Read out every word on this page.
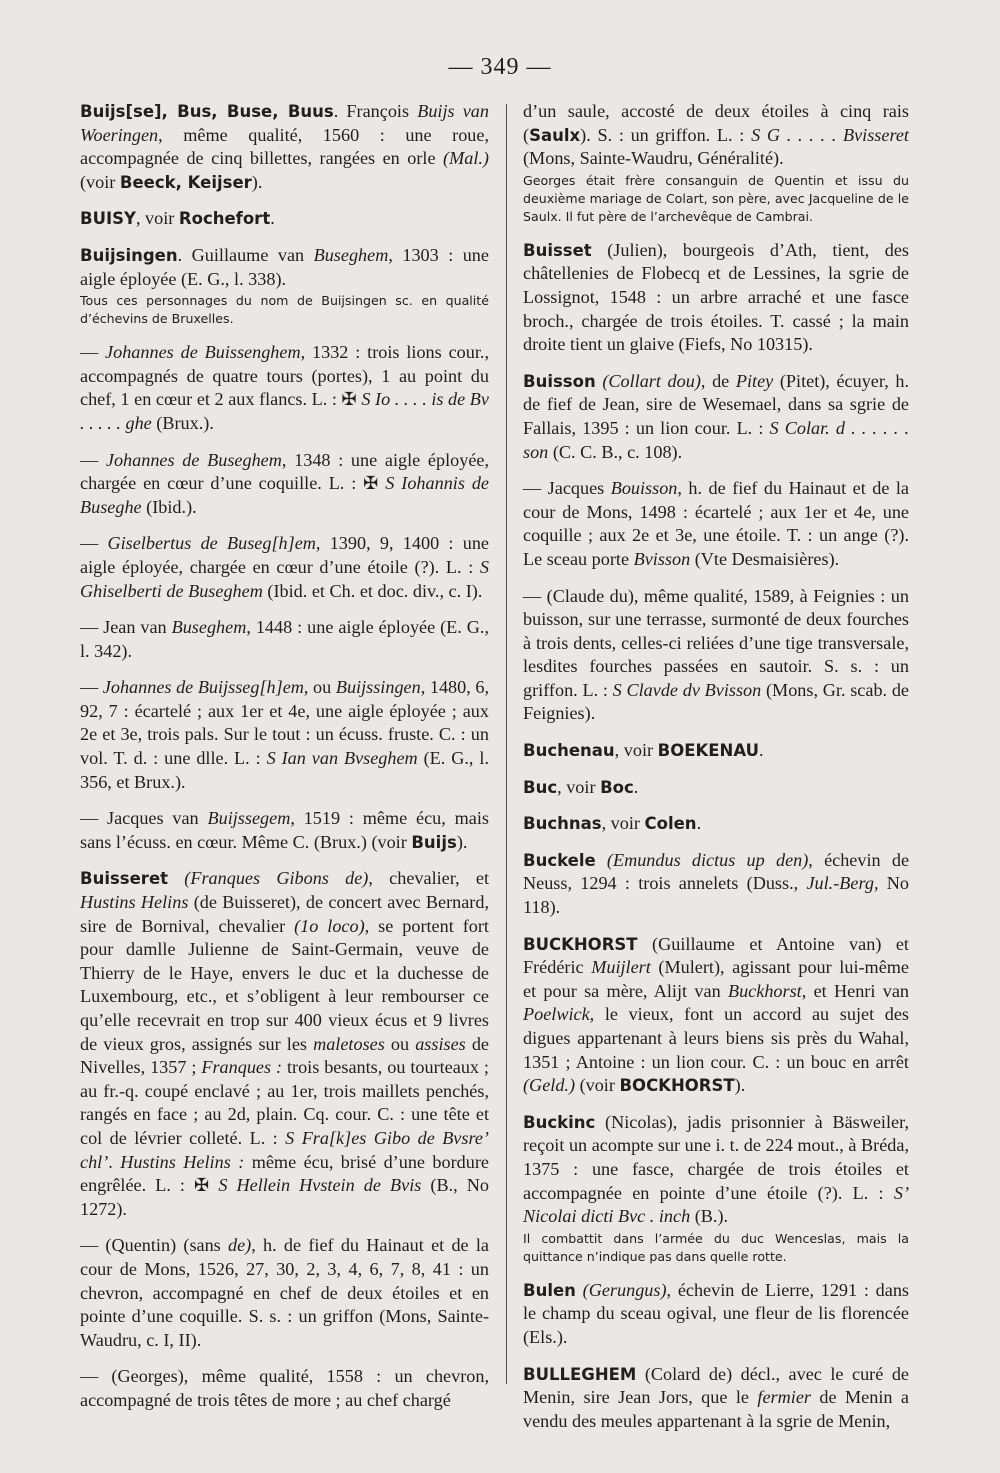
— 349 —
Buijs[se], Bus, Buse, Buus. François Buijs van Woeringen, même qualité, 1560 : une roue, accompagnée de cinq billettes, rangées en orle (Mal.) (voir Beeck, Keijser).
BUISY, voir Rochefort.
Buijsingen. Guillaume van Buseghem, 1303 : une aigle éployée (E. G., l. 338).
Tous ces personnages du nom de Buijsingen sc. en qualité d’échevins de Bruxelles.
— Johannes de Buissenghem, 1332 : trois lions cour., accompagnés de quatre tours (portes), 1 au point du chef, 1 en cœur et 2 aux flancs. L. : ✠ S Io . . . . is de Bv . . . . . ghe (Brux.).
— Johannes de Buseghem, 1348 : une aigle éployée, chargée en cœur d’une coquille. L. : ✠ S Iohannis de Buseghe (Ibid.).
— Giselbertus de Buseg[h]em, 1390, 9, 1400 : une aigle éployée, chargée en cœur d’une étoile (?). L. : S Ghiselberti de Buseghem (Ibid. et Ch. et doc. div., c. I).
— Jean van Buseghem, 1448 : une aigle éployée (E. G., l. 342).
— Johannes de Buijsseg[h]em, ou Buijssingen, 1480, 6, 92, 7 : écartelé ; aux 1er et 4e, une aigle éployée ; aux 2e et 3e, trois pals. Sur le tout : un écuss. fruste. C. : un vol. T. d. : une dlle. L. : S Ian van Bvseghem (E. G., l. 356, et Brux.).
— Jacques van Buijssegem, 1519 : même écu, mais sans l’écuss. en cœur. Même C. (Brux.) (voir Buijs).
Buisseret (Franques Gibons de), chevalier, et Hustins Helins (de Buisseret), de concert avec Bernard, sire de Bornival, chevalier (1o loco), se portent fort pour damlle Julienne de Saint-Germain, veuve de Thierry de le Haye, envers le duc et la duchesse de Luxembourg, etc., et s’obligent à leur rembourser ce qu’elle recevrait en trop sur 400 vieux écus et 9 livres de vieux gros, assignés sur les maletoses ou assises de Nivelles, 1357 ; Franques : trois besants, ou tourteaux ; au fr.-q. coupé enclavé ; au 1er, trois maillets penchés, rangés en face ; au 2d, plain. Cq. cour. C. : une tête et col de lévrier colleté. L. : S Fra[k]es Gibo de Bvsre’ chl’. Hustins Helins : même écu, brisé d’une bordure engrêlée. L. : ✠ S Hellein Hvstein de Bvis (B., No 1272).
— (Quentin) (sans de), h. de fief du Hainaut et de la cour de Mons, 1526, 27, 30, 2, 3, 4, 6, 7, 8, 41 : un chevron, accompagné en chef de deux étoiles et en pointe d’une coquille. S. s. : un griffon (Mons, Sainte-Waudru, c. I, II).
— (Georges), même qualité, 1558 : un chevron, accompagné de trois têtes de more ; au chef chargé
d’un saule, accosté de deux étoiles à cinq rais (Saulx). S. : un griffon. L. : S G . . . . . Bvisseret (Mons, Sainte-Waudru, Généralité).
Georges était frère consanguin de Quentin et issu du deuxième mariage de Colart, son père, avec Jacqueline de le Saulx. Il fut père de l’archevêque de Cambrai.
Buisset (Julien), bourgeois d’Ath, tient, des châtellenies de Flobecq et de Lessines, la sgrie de Lossignot, 1548 : un arbre arraché et une fasce broch., chargée de trois étoiles. T. cassé ; la main droite tient un glaive (Fiefs, No 10315).
Buisson (Collart dou), de Pitey (Pitet), écuyer, h. de fief de Jean, sire de Wesemael, dans sa sgrie de Fallais, 1395 : un lion cour. L. : S Colar. d . . . . . . son (C. C. B., c. 108).
— Jacques Bouisson, h. de fief du Hainaut et de la cour de Mons, 1498 : écartelé ; aux 1er et 4e, une coquille ; aux 2e et 3e, une étoile. T. : un ange (?). Le sceau porte Bvisson (Vte Desmaisières).
— (Claude du), même qualité, 1589, à Feignies : un buisson, sur une terrasse, surmonté de deux fourches à trois dents, celles-ci reliées d’une tige transversale, lesdites fourches passées en sautoir. S. s. : un griffon. L. : S Clavde dv Bvisson (Mons, Gr. scab. de Feignies).
Buchenau, voir BOEKENAU.
Buc, voir Boc.
Buchnas, voir Colen.
Buckele (Emundus dictus up den), échevin de Neuss, 1294 : trois annelets (Duss., Jul.-Berg, No 118).
BUCKHORST (Guillaume et Antoine van) et Frédéric Muijlert (Mulert), agissant pour lui-même et pour sa mère, Alijt van Buckhorst, et Henri van Poelwick, le vieux, font un accord au sujet des digues appartenant à leurs biens sis près du Wahal, 1351 ; Antoine : un lion cour. C. : un bouc en arrêt (Geld.) (voir BOCKHORST).
Buckinc (Nicolas), jadis prisonnier à Bäsweiler, reçoit un acompte sur une i. t. de 224 mout., à Bréda, 1375 : une fasce, chargée de trois étoiles et accompagnée en pointe d’une étoile (?). L. : S’ Nicolai dicti Bvc . inch (B.).
Il combattit dans l’armée du duc Wenceslas, mais la quittance n’indique pas dans quelle rotte.
Bulen (Gerungus), échevin de Lierre, 1291 : dans le champ du sceau ogival, une fleur de lis florencée (Els.).
BULLEGHEM (Colard de) décl., avec le curé de Menin, sire Jean Jors, que le fermier de Menin a vendu des meules appartenant à la sgrie de Menin,
